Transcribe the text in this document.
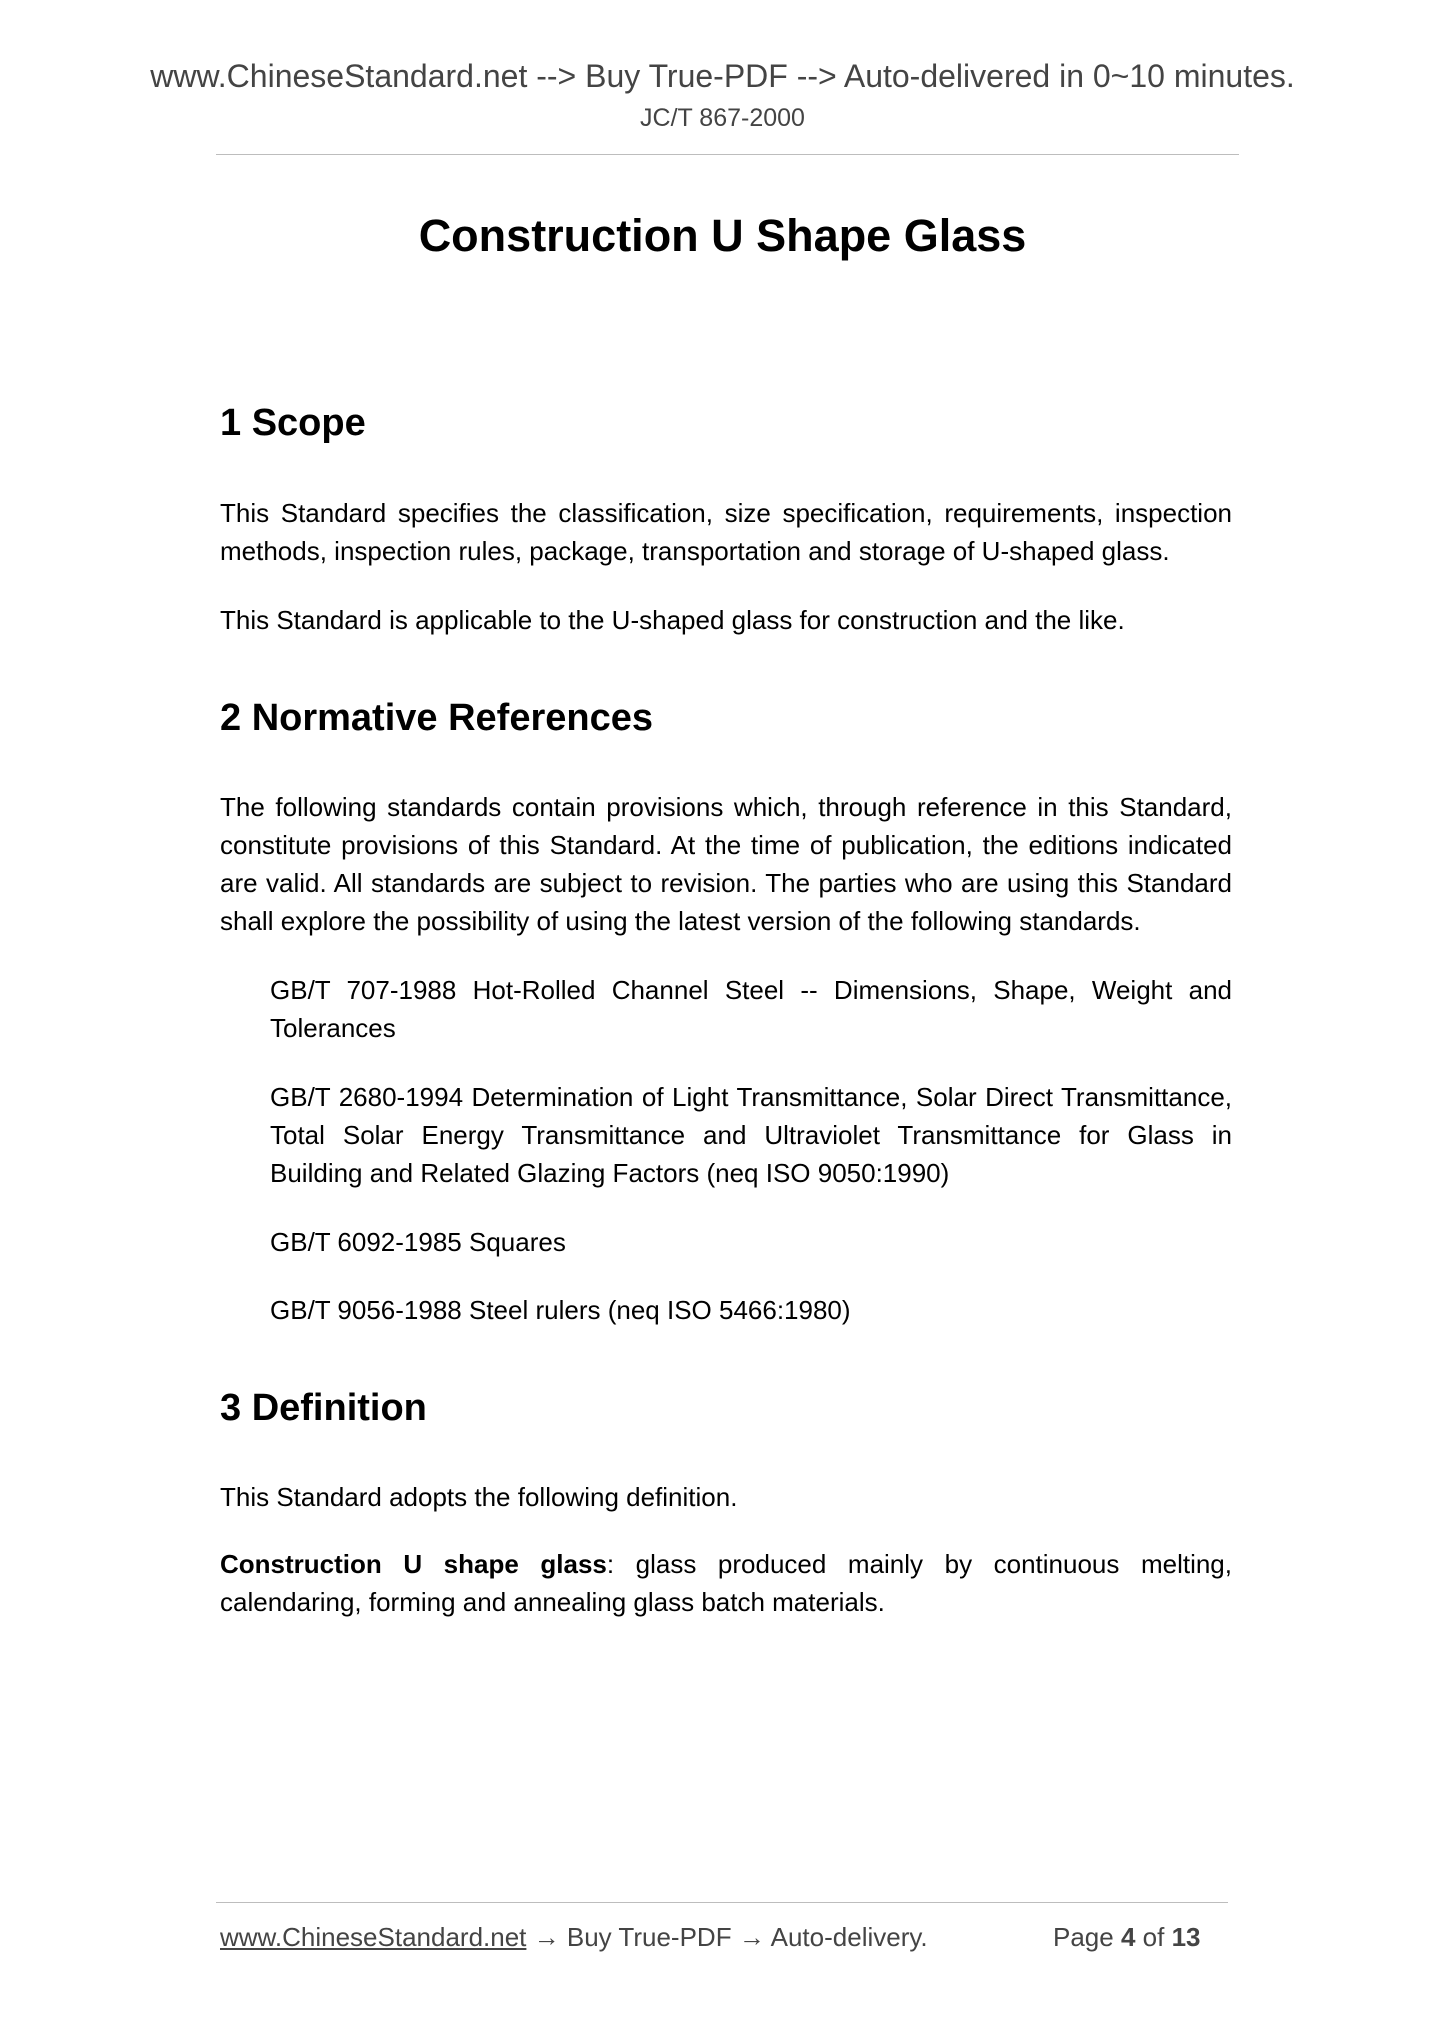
www.ChineseStandard.net --> Buy True-PDF --> Auto-delivered in 0~10 minutes.
JC/T 867-2000
Construction U Shape Glass
1 Scope

This Standard specifies the classification, size specification, requirements, inspection methods, inspection rules, package, transportation and storage of U-shaped glass.

This Standard is applicable to the U-shaped glass for construction and the like.

2 Normative References

The following standards contain provisions which, through reference in this Standard, constitute provisions of this Standard. At the time of publication, the editions indicated are valid. All standards are subject to revision. The parties who are using this Standard shall explore the possibility of using the latest version of the following standards.

GB/T 707-1988 Hot-Rolled Channel Steel -- Dimensions, Shape, Weight and Tolerances

GB/T 2680-1994 Determination of Light Transmittance, Solar Direct Transmittance, Total Solar Energy Transmittance and Ultraviolet Transmittance for Glass in Building and Related Glazing Factors (neq ISO 9050:1990)

GB/T 6092-1985 Squares

GB/T 9056-1988 Steel rulers (neq ISO 5466:1980)

3 Definition

This Standard adopts the following definition.

Construction U shape glass: glass produced mainly by continuous melting, calendaring, forming and annealing glass batch materials.

www.ChineseStandard.net → Buy True-PDF → Auto-delivery.	Page 4 of 13
